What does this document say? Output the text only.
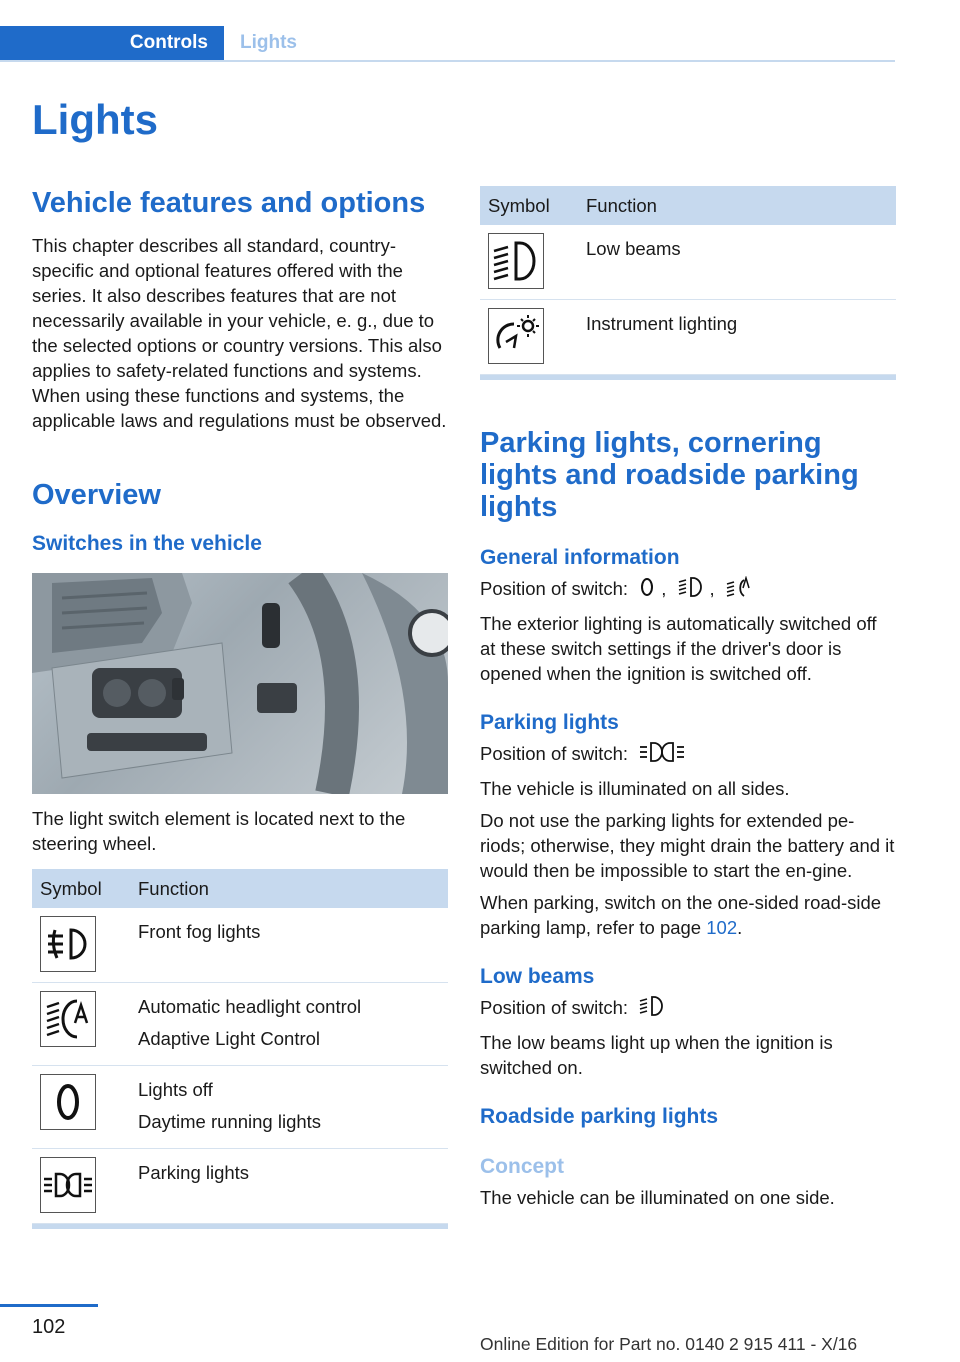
Controls	Lights
Lights
Vehicle features and options

This chapter describes all standard, country-specific and optional features offered with the series. It also describes features that are not necessarily available in your vehicle, e. g., due to the selected options or country versions. This also applies to safety-related functions and systems. When using these functions and systems, the applicable laws and regulations must be observed.

Overview
Switches in the vehicle

The light switch element is located next to the steering wheel.

Symbol	Function

Front fog lights

Automatic headlight control
Adaptive Light Control

Lights off
Daytime running lights

Parking lights
Symbol	Function

Low beams

Instrument lighting
Parking lights, cornering lights and roadside parking lights
General information

Position of switch: , ,

The exterior lighting is automatically switched off at these switch settings if the driver's door is opened when the ignition is switched off.

Parking lights

Position of switch:

The vehicle is illuminated on all sides.

Do not use the parking lights for extended pe-riods; otherwise, they might drain the battery and it would then be impossible to start the en-gine.

When parking, switch on the one-sided road-side parking lamp, refer to page 102.

Low beams

Position of switch:

The low beams light up when the ignition is switched on.

Roadside parking lights
Concept

The vehicle can be illuminated on one side.

102
Online Edition for Part no. 0140 2 915 411 - X/16
